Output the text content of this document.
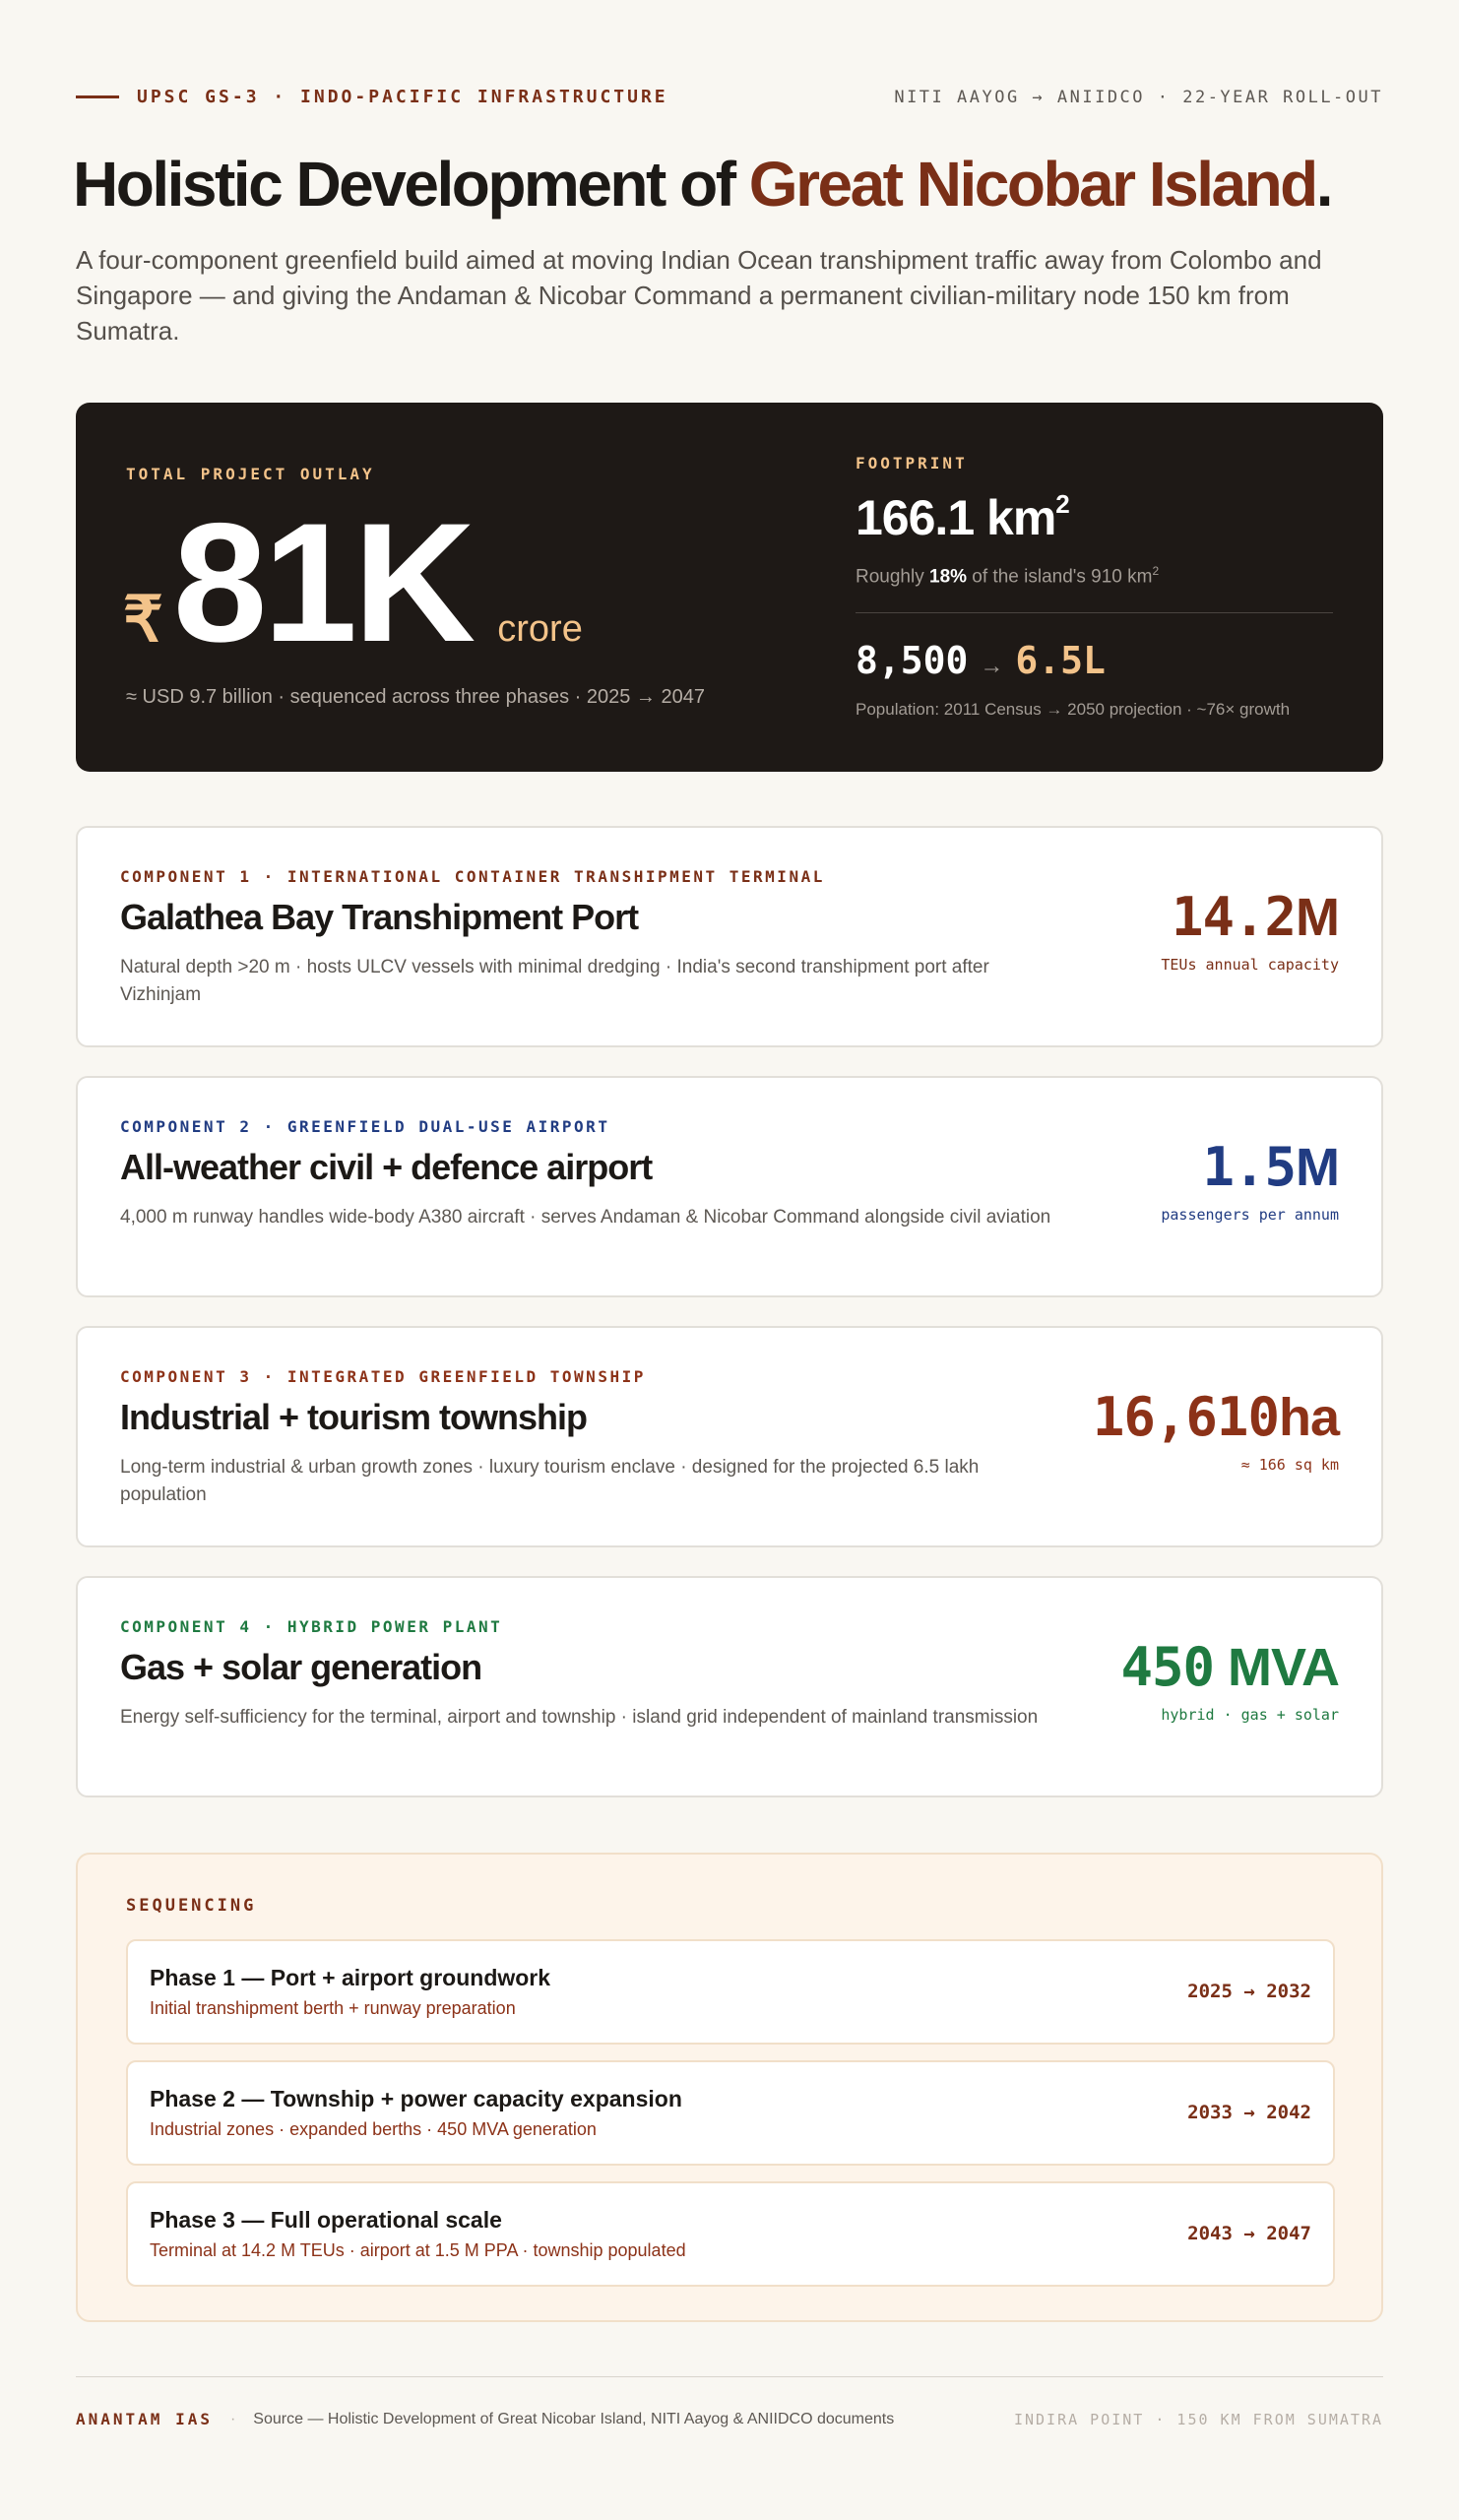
UPSC GS-3 · INDO-PACIFIC INFRASTRUCTURE	NITI AAYOG → ANIIDCO · 22-YEAR ROLL-OUT
Holistic Development of Great Nicobar Island.

A four-component greenfield build aimed at moving Indian Ocean transhipment traffic away from Colombo and Singapore — and giving the Andaman & Nicobar Command a permanent civilian-military node 150 km from Sumatra.

TOTAL PROJECT OUTLAY
₹ 81K crore
≈ USD 9.7 billion · sequenced across three phases · 2025 → 2047
FOOTPRINT
166.1 $km^2$
Roughly 18% of the island's 910 $km^2$
8,500 → 6.5L
Population: 2011 Census → 2050 projection · ~76× growth
COMPONENT 1 · INTERNATIONAL CONTAINER TRANSHIPMENT TERMINAL
Galathea Bay Transhipment Port
Natural depth >20 m · hosts ULCV vessels with minimal dredging · India's second transhipment port after Vizhinjam
14.2M
TEUs annual capacity
COMPONENT 2 · GREENFIELD DUAL-USE AIRPORT
All-weather civil + defence airport
4,000 m runway handles wide-body A380 aircraft · serves Andaman & Nicobar Command alongside civil aviation
1.5M
passengers per annum
COMPONENT 3 · INTEGRATED GREENFIELD TOWNSHIP
Industrial + tourism township
Long-term industrial & urban growth zones · luxury tourism enclave · designed for the projected 6.5 lakh population
16,610ha
≈ 166 sq km
COMPONENT 4 · HYBRID POWER PLANT
Gas + solar generation
Energy self-sufficiency for the terminal, airport and township · island grid independent of mainland transmission
450 MVA
hybrid · gas + solar
SEQUENCING
Phase 1 — Port + airport groundwork
Initial transhipment berth + runway preparation
2025 → 2032
Phase 2 — Township + power capacity expansion
Industrial zones · expanded berths · 450 MVA generation
2033 → 2042
Phase 3 — Full operational scale
Terminal at 14.2 M TEUs · airport at 1.5 M PPA · township populated
2043 → 2047
ANANTAM IAS · Source — Holistic Development of Great Nicobar Island, NITI Aayog & ANIIDCO documents	INDIRA POINT · 150 KM FROM SUMATRA
